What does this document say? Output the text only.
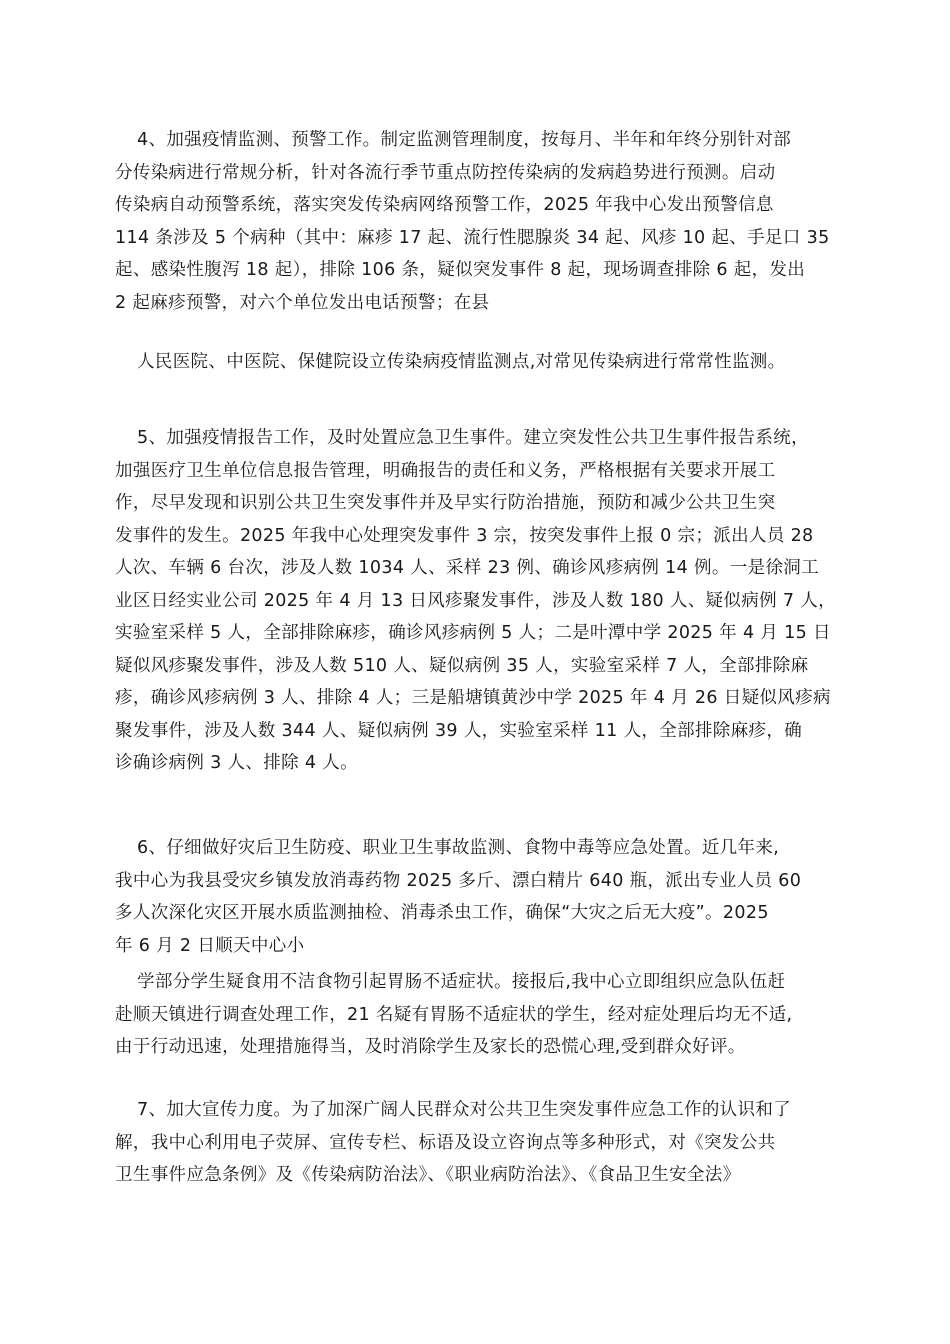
4、加强疫情监测、预警工作。制定监测管理制度，按每月、半年和年终分别针对部
分传染病进行常规分析，针对各流行季节重点防控传染病的发病趋势进行预测。启动
传染病自动预警系统，落实突发传染病网络预警工作，2025 年我中心发出预警信息
114 条涉及 5 个病种（其中：麻疹 17 起、流行性腮腺炎 34 起、风疹 10 起、手足口 35
起、感染性腹泻 18 起），排除 106 条，疑似突发事件 8 起，现场调查排除 6 起，发出
2 起麻疹预警，对六个单位发出电话预警；在县

人民医院、中医院、保健院设立传染病疫情监测点,对常见传染病进行常常性监测。

5、加强疫情报告工作，及时处置应急卫生事件。建立突发性公共卫生事件报告系统，
加强医疗卫生单位信息报告管理，明确报告的责任和义务，严格根据有关要求开展工
作，尽早发现和识别公共卫生突发事件并及早实行防治措施，预防和减少公共卫生突
发事件的发生。2025 年我中心处理突发事件 3 宗，按突发事件上报 0 宗；派出人员 28
人次、车辆 6 台次，涉及人数 1034 人、采样 23 例、确诊风疹病例 14 例。一是徐洞工
业区日经实业公司 2025 年 4 月 13 日风疹聚发事件，涉及人数 180 人、疑似病例 7 人，
实验室采样 5 人，全部排除麻疹，确诊风疹病例 5 人；二是叶潭中学 2025 年 4 月 15 日
疑似风疹聚发事件，涉及人数 510 人、疑似病例 35 人，实验室采样 7 人，全部排除麻
疹，确诊风疹病例 3 人、排除 4 人；三是船塘镇黄沙中学 2025 年 4 月 26 日疑似风疹病
聚发事件，涉及人数 344 人、疑似病例 39 人，实验室采样 11 人，全部排除麻疹，确
诊确诊病例 3 人、排除 4 人。

6、仔细做好灾后卫生防疫、职业卫生事故监测、食物中毒等应急处置。近几年来,
我中心为我县受灾乡镇发放消毒药物 2025 多斤、漂白精片 640 瓶，派出专业人员 60
多人次深化灾区开展水质监测抽检、消毒杀虫工作，确保“大灾之后无大疫”。2025
年 6 月 2 日顺天中心小

学部分学生疑食用不洁食物引起胃肠不适症状。接报后,我中心立即组织应急队伍赶
赴顺天镇进行调查处理工作，21 名疑有胃肠不适症状的学生，经对症处理后均无不适,
由于行动迅速，处理措施得当，及时消除学生及家长的恐慌心理,受到群众好评。

7、加大宣传力度。为了加深广阔人民群众对公共卫生突发事件应急工作的认识和了
解，我中心利用电子荧屏、宣传专栏、标语及设立咨询点等多种形式，对《突发公共
卫生事件应急条例》及《传染病防治法》、《职业病防治法》、《食品卫生安全法》
